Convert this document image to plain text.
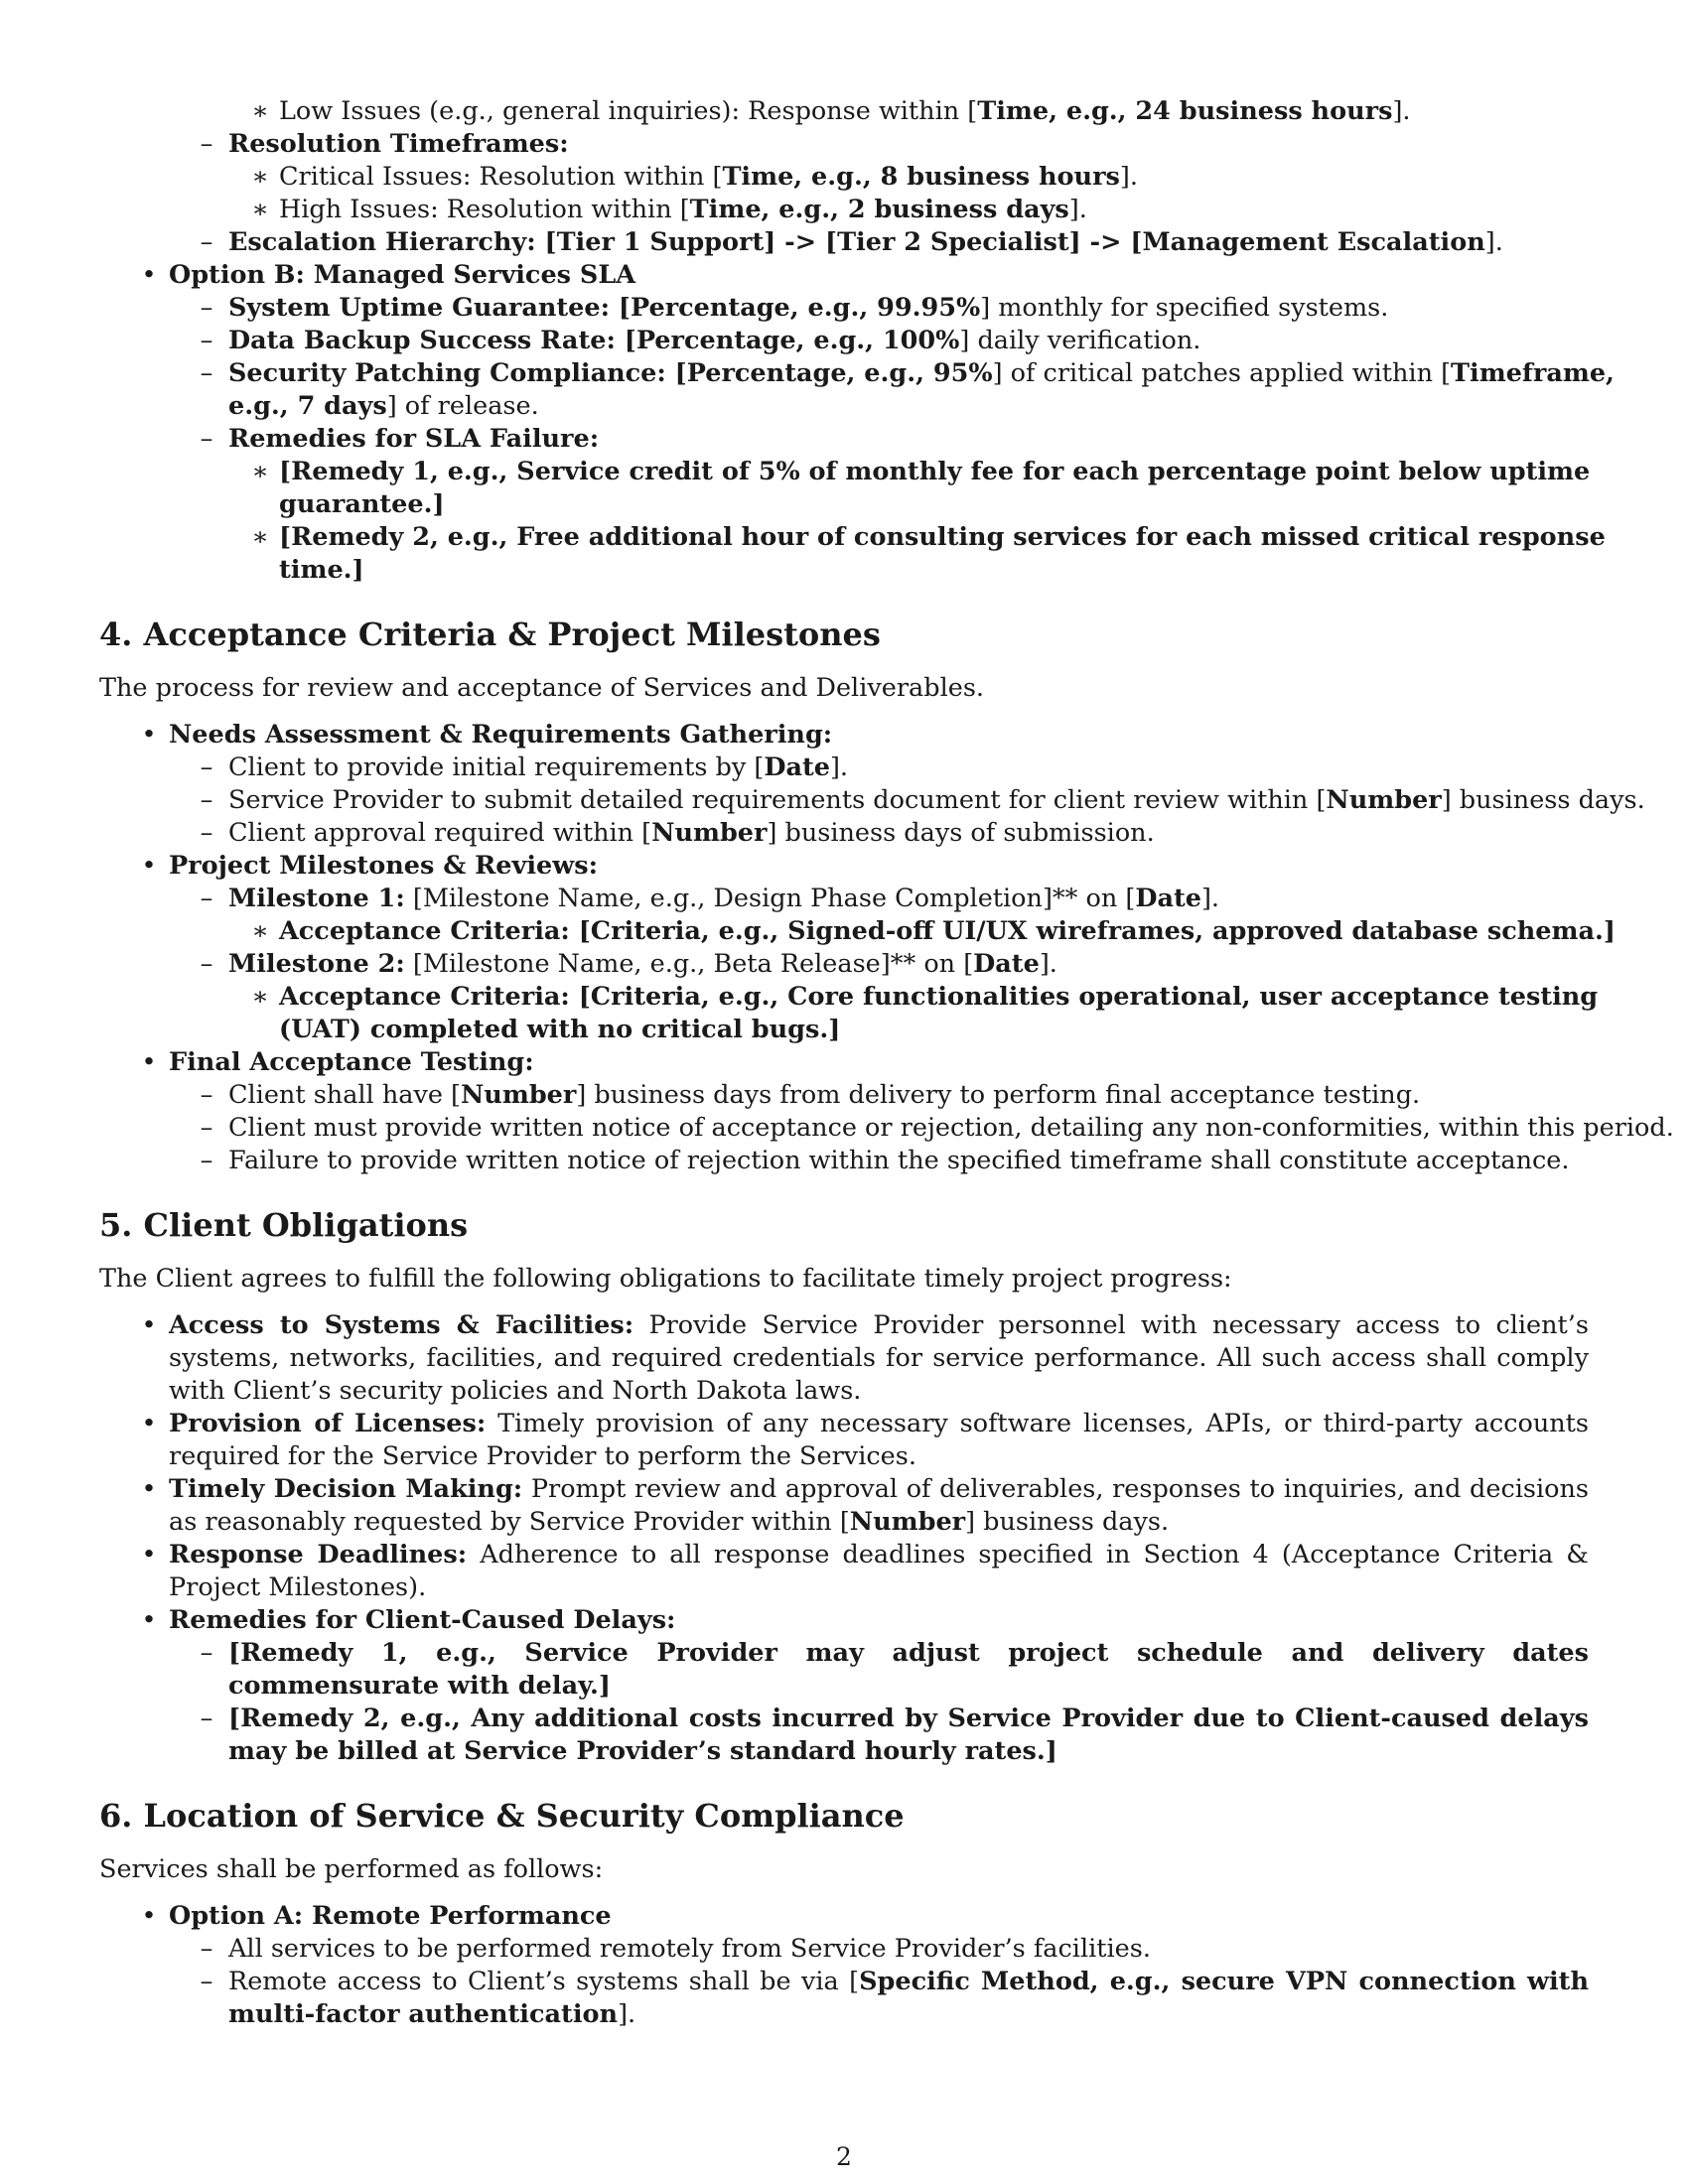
∗ Low Issues (e.g., general inquiries): Response within [Time, e.g., 24 business hours].
– Resolution Timeframes:
∗ Critical Issues: Resolution within [Time, e.g., 8 business hours].
∗ High Issues: Resolution within [Time, e.g., 2 business days].
– Escalation Hierarchy: [Tier 1 Support] -> [Tier 2 Specialist] -> [Management Escalation].
• Option B: Managed Services SLA
– System Uptime Guarantee: [Percentage, e.g., 99.95%] monthly for specified systems.
– Data Backup Success Rate: [Percentage, e.g., 100%] daily verification.
– Security Patching Compliance: [Percentage, e.g., 95%] of critical patches applied within [Timeframe,
e.g., 7 days] of release.
– Remedies for SLA Failure:
∗ [Remedy 1, e.g., Service credit of 5% of monthly fee for each percentage point below uptime
guarantee.]
∗ [Remedy 2, e.g., Free additional hour of consulting services for each missed critical response
time.]
4. Acceptance Criteria & Project Milestones
The process for review and acceptance of Services and Deliverables.
• Needs Assessment & Requirements Gathering:
– Client to provide initial requirements by [Date].
– Service Provider to submit detailed requirements document for client review within [Number] business days.
– Client approval required within [Number] business days of submission.
• Project Milestones & Reviews:
– Milestone 1: [Milestone Name, e.g., Design Phase Completion]** on [Date].
∗ Acceptance Criteria: [Criteria, e.g., Signed-off UI/UX wireframes, approved database schema.]
– Milestone 2: [Milestone Name, e.g., Beta Release]** on [Date].
∗ Acceptance Criteria: [Criteria, e.g., Core functionalities operational, user acceptance testing
(UAT) completed with no critical bugs.]
• Final Acceptance Testing:
– Client shall have [Number] business days from delivery to perform final acceptance testing.
– Client must provide written notice of acceptance or rejection, detailing any non-conformities, within this period.
– Failure to provide written notice of rejection within the specified timeframe shall constitute acceptance.
5. Client Obligations
The Client agrees to fulfill the following obligations to facilitate timely project progress:
• Access to Systems & Facilities: Provide Service Provider personnel with necessary access to client’s systems, networks, facilities, and required credentials for service performance. All such access shall comply with Client’s security policies and North Dakota laws.
• Provision of Licenses: Timely provision of any necessary software licenses, APIs, or third-party accounts required for the Service Provider to perform the Services.
• Timely Decision Making: Prompt review and approval of deliverables, responses to inquiries, and decisions as reasonably requested by Service Provider within [Number] business days.
• Response Deadlines: Adherence to all response deadlines specified in Section 4 (Acceptance Criteria & Project Milestones).
• Remedies for Client-Caused Delays:
– [Remedy 1, e.g., Service Provider may adjust project schedule and delivery dates commensurate with delay.]
– [Remedy 2, e.g., Any additional costs incurred by Service Provider due to Client-caused delays may be billed at Service Provider’s standard hourly rates.]
6. Location of Service & Security Compliance
Services shall be performed as follows:
• Option A: Remote Performance
– All services to be performed remotely from Service Provider’s facilities.
– Remote access to Client’s systems shall be via [Specific Method, e.g., secure VPN connection with multi-factor authentication].
2
